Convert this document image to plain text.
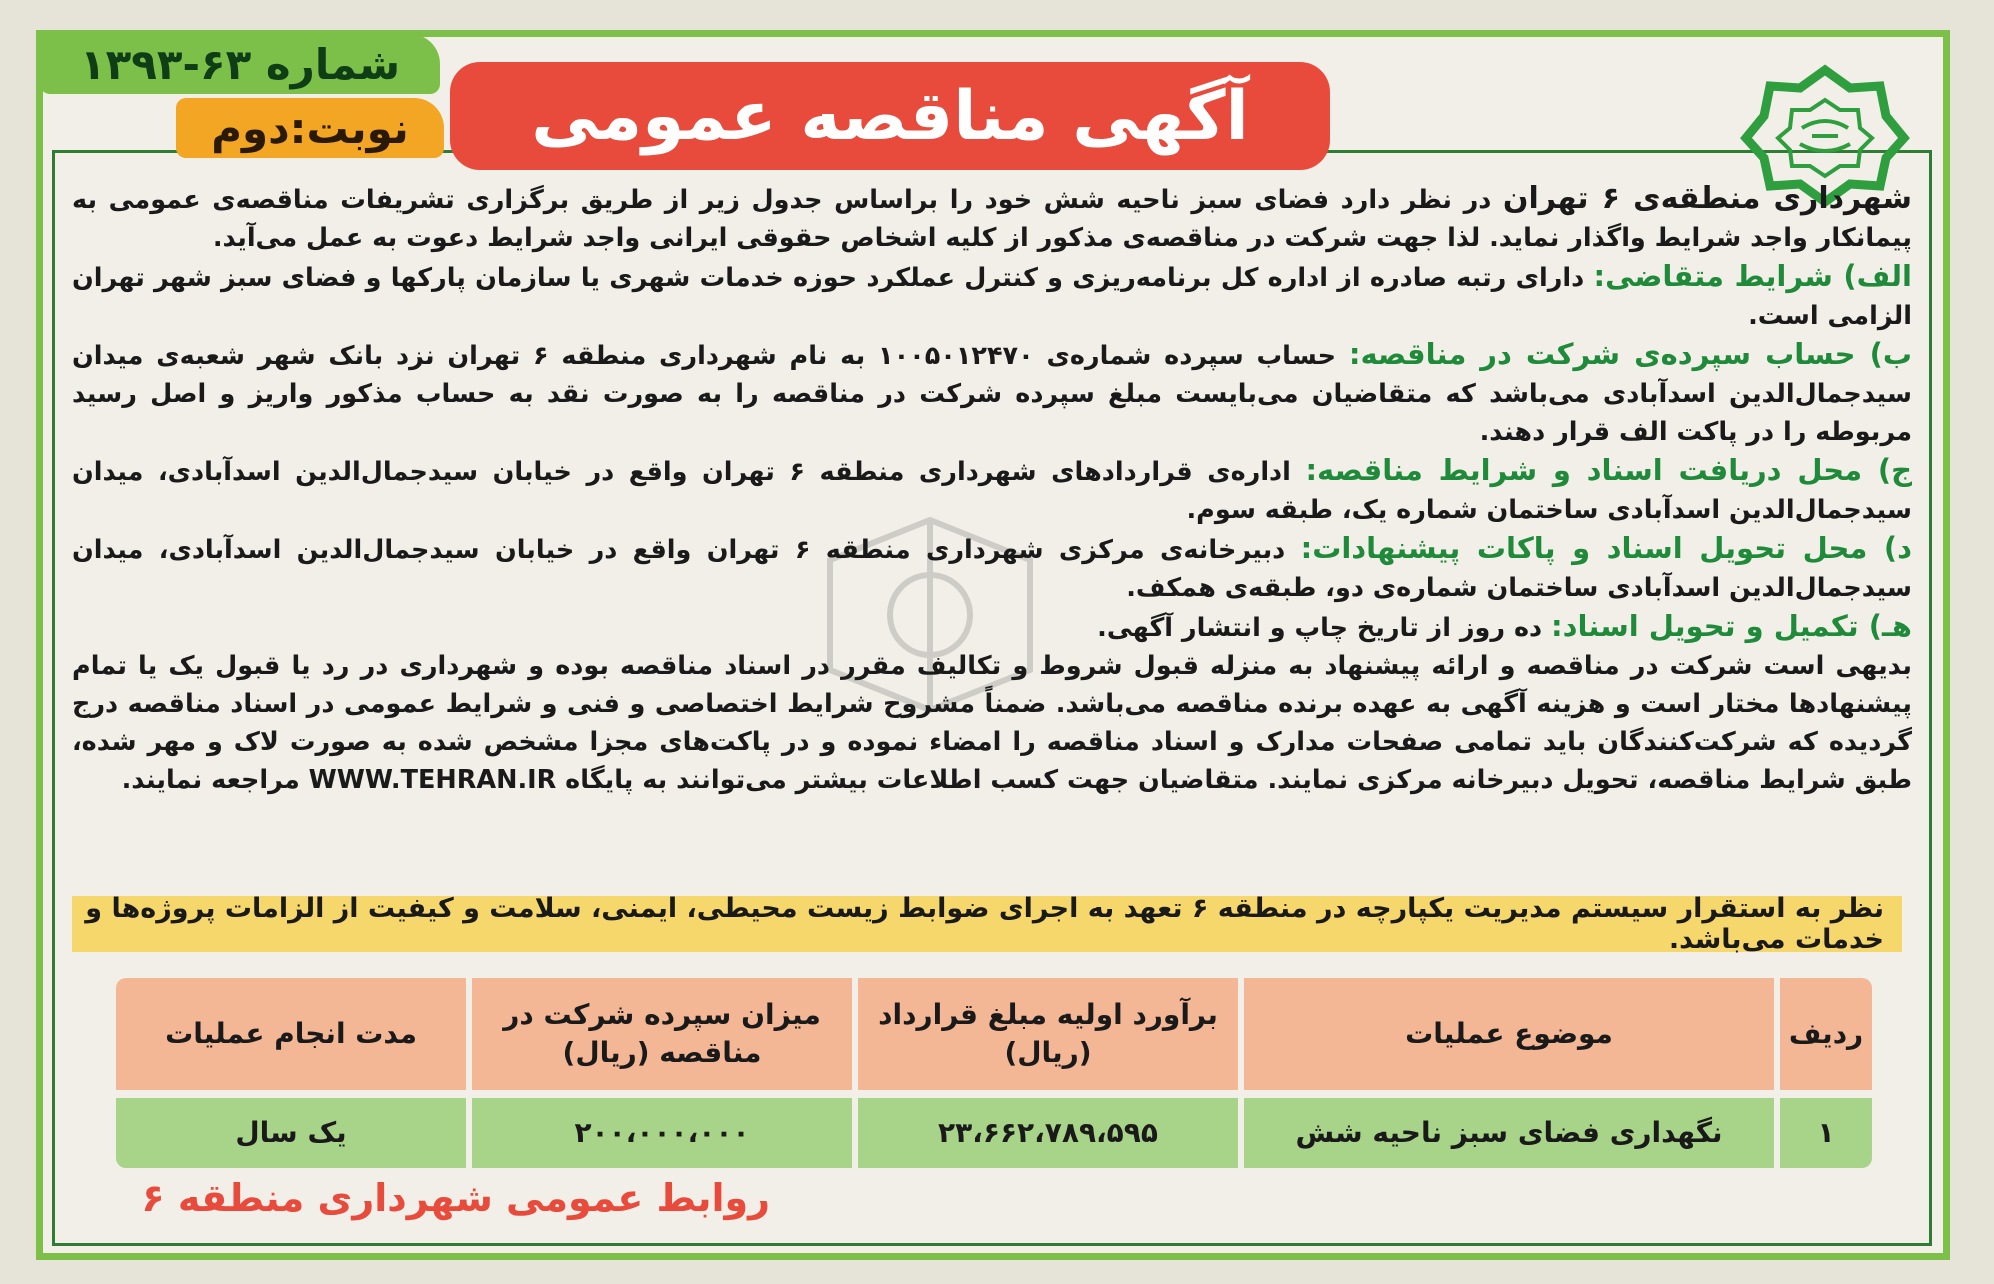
شماره ۶۳-۱۳۹۳
نوبت:دوم	آگهی مناقصه عمومی

شهرداری منطقه‌ی ۶ تهران در نظر دارد فضای سبز ناحیه شش خود را براساس جدول زیر از طریق برگزاری تشریفات مناقصه‌ی عمومی به پیمانکار واجد شرایط واگذار نماید. لذا جهت شرکت در مناقصه‌ی مذکور از کلیه اشخاص حقوقی ایرانی واجد شرایط دعوت به عمل می‌آید.

الف) شرایط متقاضی: دارای رتبه صادره از اداره کل برنامه‌ریزی و کنترل عملکرد حوزه خدمات شهری یا سازمان پارکها و فضای سبز شهر تهران الزامی است.

ب) حساب سپرده‌ی شرکت در مناقصه: حساب سپرده شماره‌ی ۱۰۰۵۰۱۲۴۷۰ به نام شهرداری منطقه ۶ تهران نزد بانک شهر شعبه‌ی میدان سیدجمال‌الدین اسدآبادی می‌باشد که متقاضیان می‌بایست مبلغ سپرده شرکت در مناقصه را به صورت نقد به حساب مذکور واریز و اصل رسید مربوطه را در پاکت الف قرار دهند.

ج) محل دریافت اسناد و شرایط مناقصه: اداره‌ی قراردادهای شهرداری منطقه ۶ تهران واقع در خیابان سیدجمال‌الدین اسدآبادی، میدان سیدجمال‌الدین اسدآبادی ساختمان شماره یک، طبقه سوم.

د) محل تحویل اسناد و پاکات پیشنهادات: دبیرخانه‌ی مرکزی شهرداری منطقه ۶ تهران واقع در خیابان سیدجمال‌الدین اسدآبادی، میدان سیدجمال‌الدین اسدآبادی ساختمان شماره‌ی دو، طبقه‌ی همکف.

هـ) تکمیل و تحویل اسناد: ده روز از تاریخ چاپ و انتشار آگهی.

بدیهی است شرکت در مناقصه و ارائه پیشنهاد به منزله قبول شروط و تکالیف مقرر در اسناد مناقصه بوده و شهرداری در رد یا قبول یک یا تمام پیشنهادها مختار است و هزینه آگهی به عهده برنده مناقصه می‌باشد. ضمناً مشروح شرایط اختصاصی و فنی و شرایط عمومی در اسناد مناقصه درج گردیده که شرکت‌کنندگان باید تمامی صفحات مدارک و اسناد مناقصه را امضاء نموده و در پاکت‌های مجزا مشخص شده به صورت لاک و مهر شده، طبق شرایط مناقصه، تحویل دبیرخانه مرکزی نمایند. متقاضیان جهت کسب اطلاعات بیشتر می‌توانند به پایگاه WWW.TEHRAN.IR مراجعه نمایند.

نظر به استقرار سیستم مدیریت یکپارچه در منطقه ۶ تعهد به اجرای ضوابط زیست محیطی، ایمنی، سلامت و کیفیت از الزامات پروژه‌ها و خدمات می‌باشد.
ردیف
موضوع عملیات
برآورد اولیه مبلغ قرارداد (ریال)
میزان سپرده شرکت در مناقصه (ریال)
مدت انجام عملیات
۱
نگهداری فضای سبز ناحیه شش
۲۳،۶۶۲،۷۸۹،۵۹۵
۲۰۰،۰۰۰،۰۰۰
یک سال
روابط عمومی شهرداری منطقه ۶
